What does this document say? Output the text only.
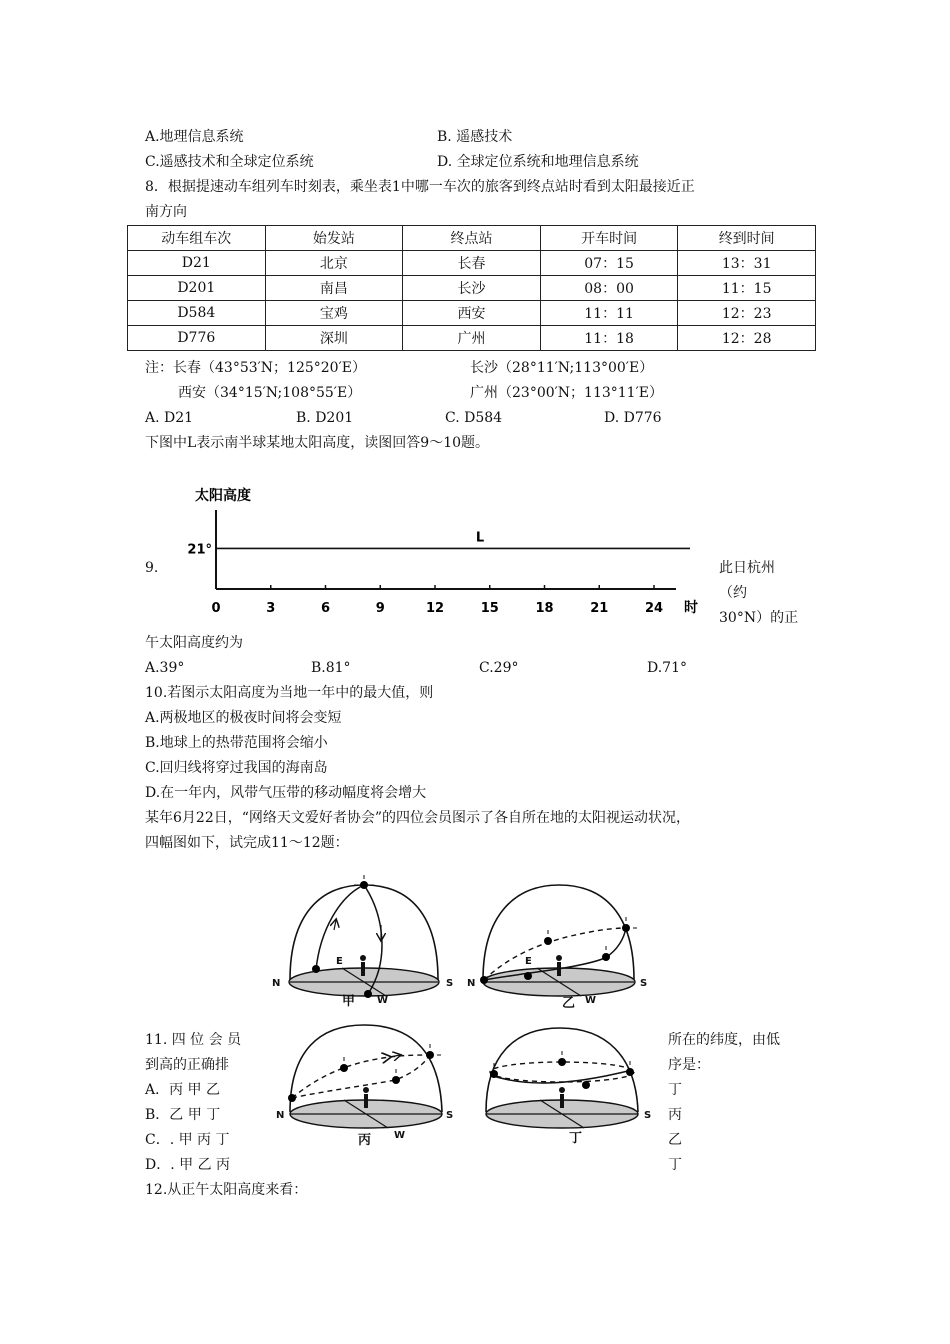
A.地理信息系统	B. 遥感技术
C.遥感技术和全球定位系统	D. 全球定位系统和地理信息系统
8．根据提速动车组列车时刻表，乘坐表1中哪一车次的旅客到终点站时看到太阳最接近正
南方向
动车组车次	始发站	终点站	开车时间	终到时间
D21	北京	长春	07：15	13：31
D201	南昌	长沙	08：00	11：15
D584	宝鸡	西安	11：11	12：23
D776	深圳	广州	11：18	12：28
注：长春（43°53′N；125°20′E）	长沙（28°11′N;113°00′E）
西安（34°15′N;108°55′E）	广州（23°00′N；113°11′E）
A. D21	B. D201	C. D584	D. D776
下图中L表示南半球某地太阳高度，读图回答9～10题。
太阳高度
时
0	3	6	9	12	15	18	21	24
21°
L
9.	此日杭州
（约
30°N）的正
午太阳高度约为
A.39°	B.81°	C.29°	D.71°
10.若图示太阳高度为当地一年中的最大值，则
A.两极地区的极夜时间将会变短
B.地球上的热带范围将会缩小
C.回归线将穿过我国的海南岛
D.在一年内，风带气压带的移动幅度将会增大
某年6月22日，“网络天文爱好者协会”的四位会员图示了各自所在地的太阳视运动状况，
四幅图如下，试完成11～12题：
N	S
E
W
甲
N	S
E
W
乙
N	S
W
丙
S
丁
11. 四 位 会 员	所在的纬度，由低
到高的正确排	序是：
A．丙 甲 乙	丁
B．乙 甲 丁	丙
C．. 甲 丙 丁	乙
D．. 甲 乙 丙	丁
12.从正午太阳高度来看：
